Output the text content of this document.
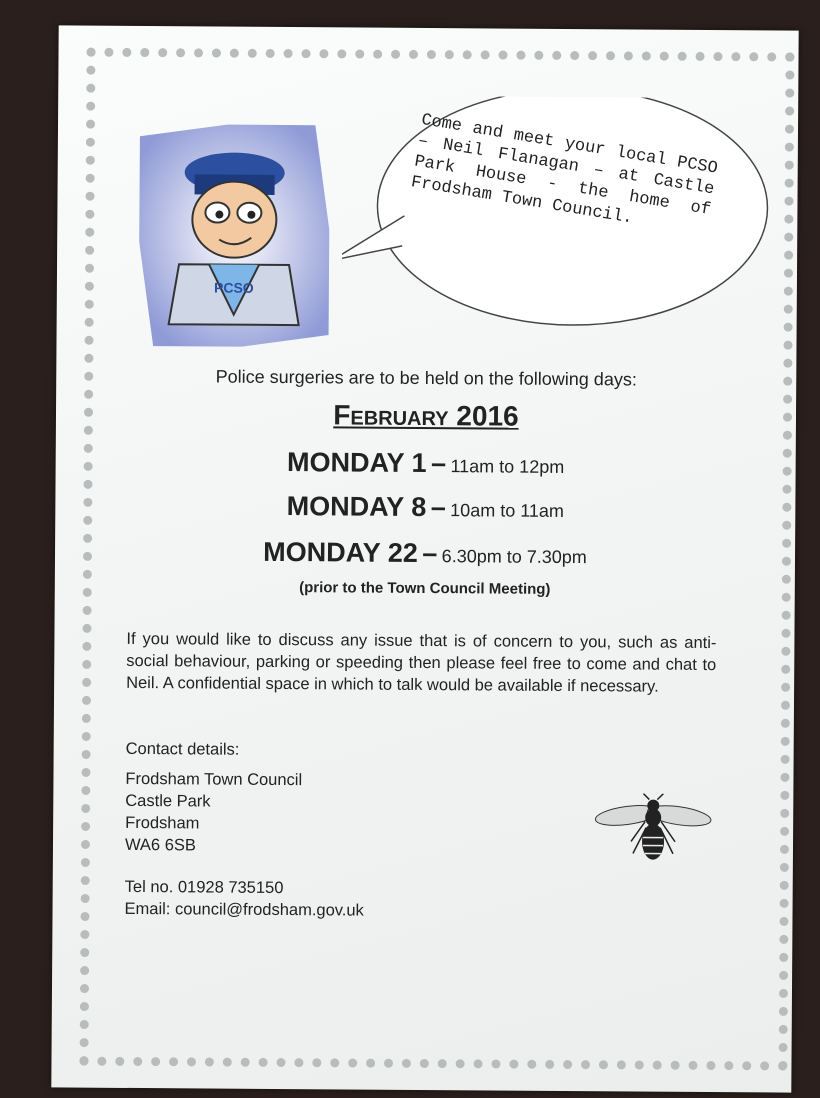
PCSO
Come and meet your local PCSO – Neil Flanagan – at Castle Park House - the home of Frodsham Town Council.
Police surgeries are to be held on the following days:
February 2016
MONDAY 1 – 11am to 12pm
MONDAY 8 – 10am to 11am
MONDAY 22 – 6.30pm to 7.30pm
(prior to the Town Council Meeting)
If you would like to discuss any issue that is of concern to you, such as anti-social behaviour, parking or speeding then please feel free to come and chat to Neil. A confidential space in which to talk would be available if necessary.
Contact details:
Frodsham Town Council
Castle Park
Frodsham
WA6 6SB
Tel no. 01928 735150
Email: council@frodsham.gov.uk
